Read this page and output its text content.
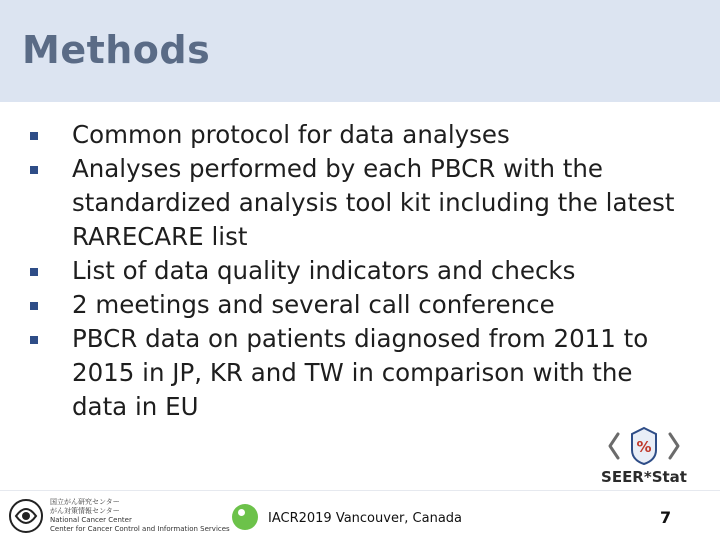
Methods
Common protocol for data analyses
Analyses performed by each PBCR with the standardized analysis tool kit including the latest RARECARE list
List of data quality indicators and checks
2 meetings and several call conference
PBCR data on patients diagnosed from 2011 to 2015 in JP, KR and TW in comparison with the data in EU
%
SEER*Stat
国立がん研究センター
がん対策情報センター
National Cancer Center
Center for Cancer Control and Information Services
IACR2019 Vancouver, Canada	7
